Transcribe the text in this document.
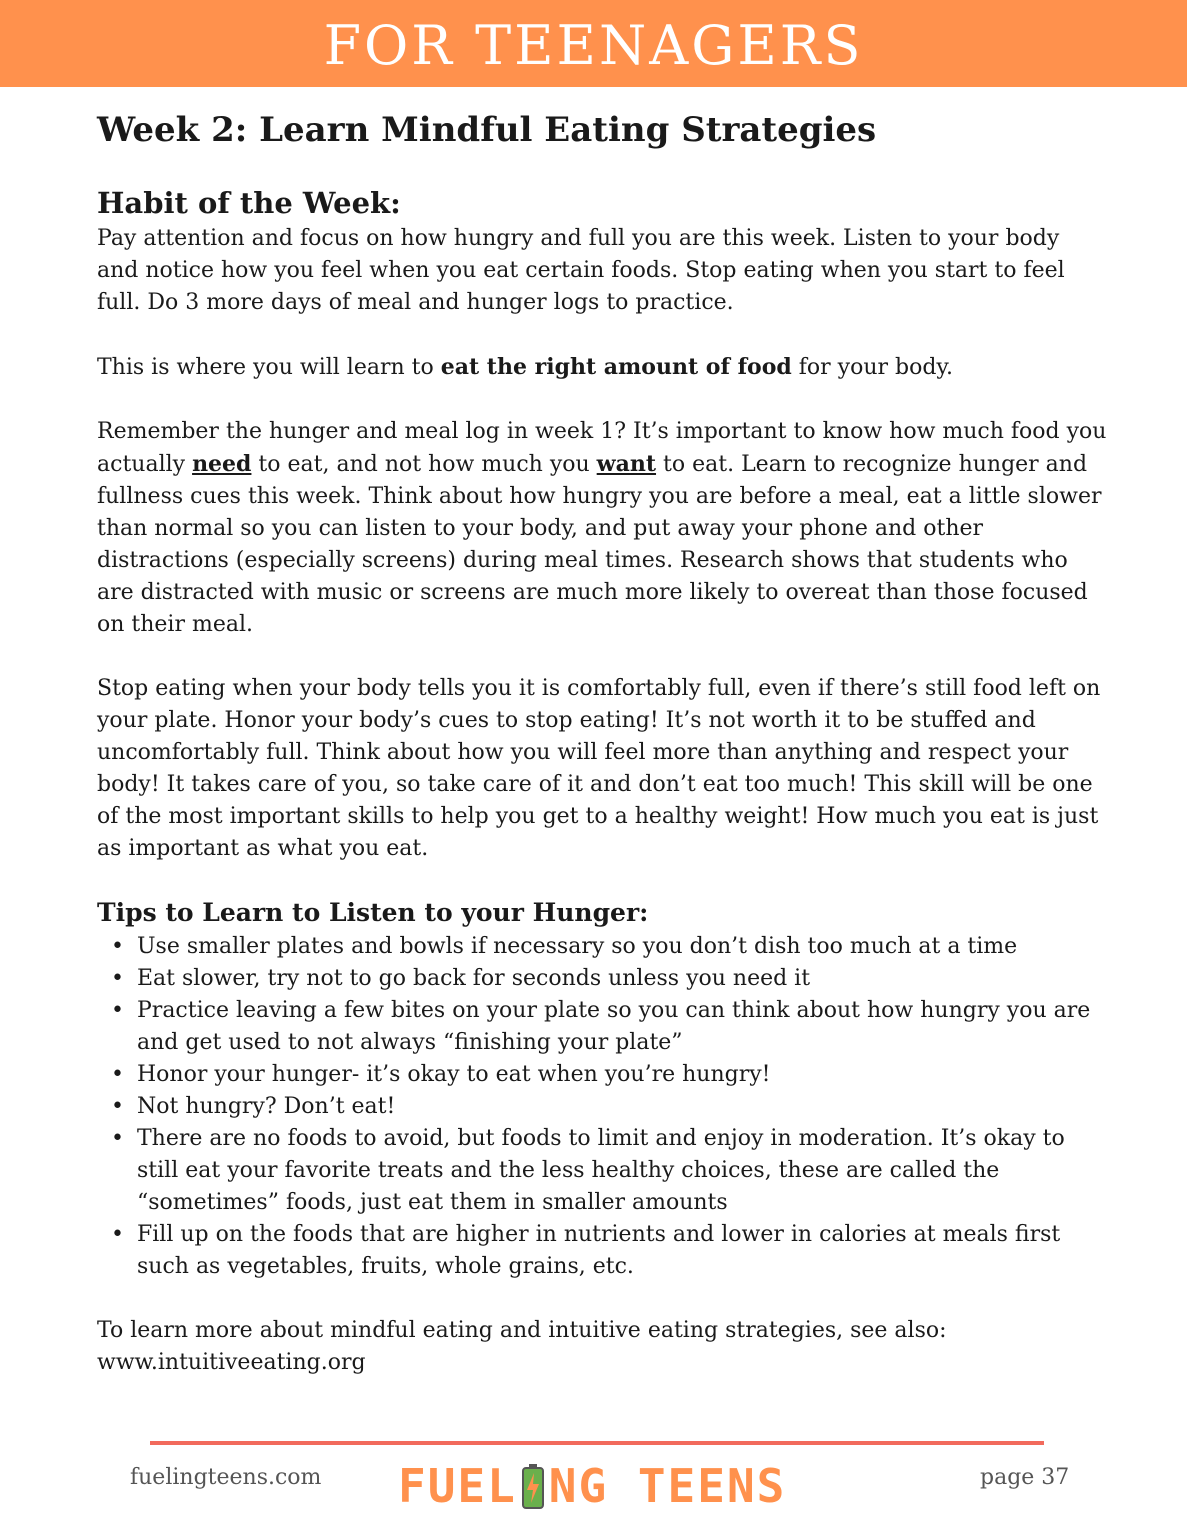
FOR TEENAGERS
Week 2: Learn Mindful Eating Strategies
Habit of the Week:

Pay attention and focus on how hungry and full you are this week. Listen to your body and notice how you feel when you eat certain foods. Stop eating when you start to feel full. Do 3 more days of meal and hunger logs to practice.

This is where you will learn to eat the right amount of food for your body.

Remember the hunger and meal log in week 1? It’s important to know how much food you actually need to eat, and not how much you want to eat. Learn to recognize hunger and fullness cues this week. Think about how hungry you are before a meal, eat a little slower than normal so you can listen to your body, and put away your phone and other distractions (especially screens) during meal times. Research shows that students who are distracted with music or screens are much more likely to overeat than those focused on their meal.

Stop eating when your body tells you it is comfortably full, even if there’s still food left on your plate. Honor your body’s cues to stop eating! It’s not worth it to be stuffed and uncomfortably full. Think about how you will feel more than anything and respect your body! It takes care of you, so take care of it and don’t eat too much! This skill will be one of the most important skills to help you get to a healthy weight! How much you eat is just as important as what you eat.

Tips to Learn to Listen to your Hunger:
• Use smaller plates and bowls if necessary so you don’t dish too much at a time
• Eat slower, try not to go back for seconds unless you need it
• Practice leaving a few bites on your plate so you can think about how hungry you are and get used to not always “finishing your plate”
• Honor your hunger- it’s okay to eat when you’re hungry!
• Not hungry? Don’t eat!
• There are no foods to avoid, but foods to limit and enjoy in moderation. It’s okay to still eat your favorite treats and the less healthy choices, these are called the “sometimes” foods, just eat them in smaller amounts
• Fill up on the foods that are higher in nutrients and lower in calories at meals first such as vegetables, fruits, whole grains, etc.

To learn more about mindful eating and intuitive eating strategies, see also:
www.intuitiveeating.org

fuelingteens.com FUEL NG TEENS	page 37
